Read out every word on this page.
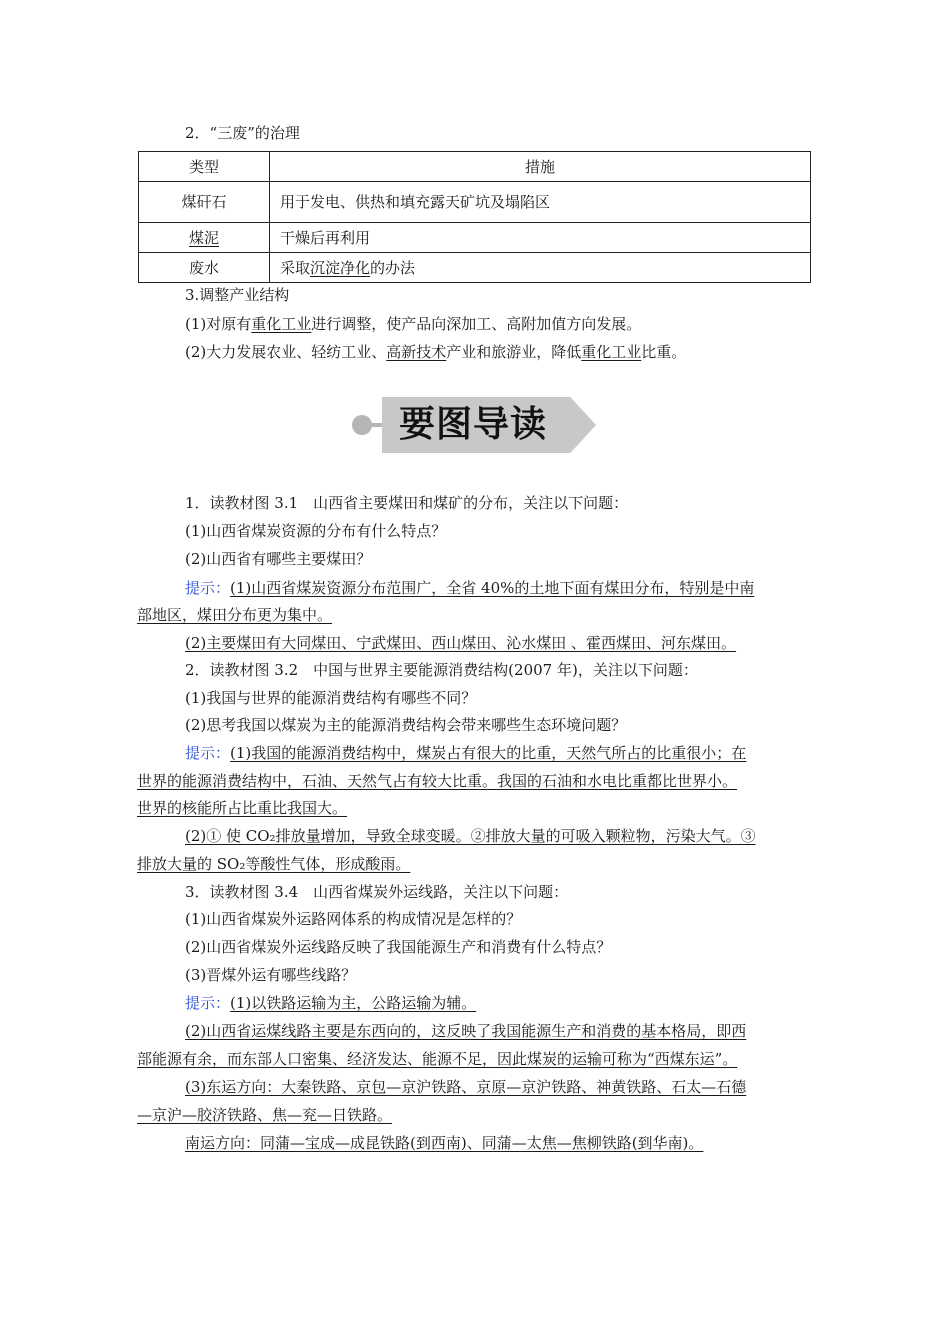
2．“三废”的治理
类型	措施
煤矸石	用于发电、供热和填充露天矿坑及塌陷区
煤泥	干燥后再利用
废水	采取沉淀净化的办法
3.调整产业结构
(1)对原有重化工业进行调整，使产品向深加工、高附加值方向发展。
(2)大力发展农业、轻纺工业、高新技术产业和旅游业，降低重化工业比重。
要图导读
1．读教材图 3.1　山西省主要煤田和煤矿的分布，关注以下问题：
(1)山西省煤炭资源的分布有什么特点？
(2)山西省有哪些主要煤田？
提示：(1)山西省煤炭资源分布范围广，全省 40%的土地下面有煤田分布，特别是中南
部地区，煤田分布更为集中。
(2)主要煤田有大同煤田、宁武煤田、西山煤田、沁水煤田 、霍西煤田、河东煤田。
2．读教材图 3.2　中国与世界主要能源消费结构(2007 年)，关注以下问题：
(1)我国与世界的能源消费结构有哪些不同？
(2)思考我国以煤炭为主的能源消费结构会带来哪些生态环境问题？
提示：(1)我国的能源消费结构中，煤炭占有很大的比重，天然气所占的比重很小；在
世界的能源消费结构中，石油、天然气占有较大比重。我国的石油和水电比重都比世界小。
世界的核能所占比重比我国大。
(2)① 使 CO₂排放量增加，导致全球变暖。②排放大量的可吸入颗粒物，污染大气。③
排放大量的 SO₂等酸性气体，形成酸雨。
3．读教材图 3.4　山西省煤炭外运线路，关注以下问题：
(1)山西省煤炭外运路网体系的构成情况是怎样的？
(2)山西省煤炭外运线路反映了我国能源生产和消费有什么特点？
(3)晋煤外运有哪些线路？
提示：(1)以铁路运输为主，公路运输为辅。
(2)山西省运煤线路主要是东西向的，这反映了我国能源生产和消费的基本格局，即西
部能源有余，而东部人口密集、经济发达、能源不足，因此煤炭的运输可称为“西煤东运”。
(3)东运方向：大秦铁路、京包—京沪铁路、京原—京沪铁路、神黄铁路、石太—石德
—京沪—胶济铁路、焦—兖—日铁路。
南运方向：同蒲—宝成—成昆铁路(到西南)、同蒲—太焦—焦柳铁路(到华南)。
